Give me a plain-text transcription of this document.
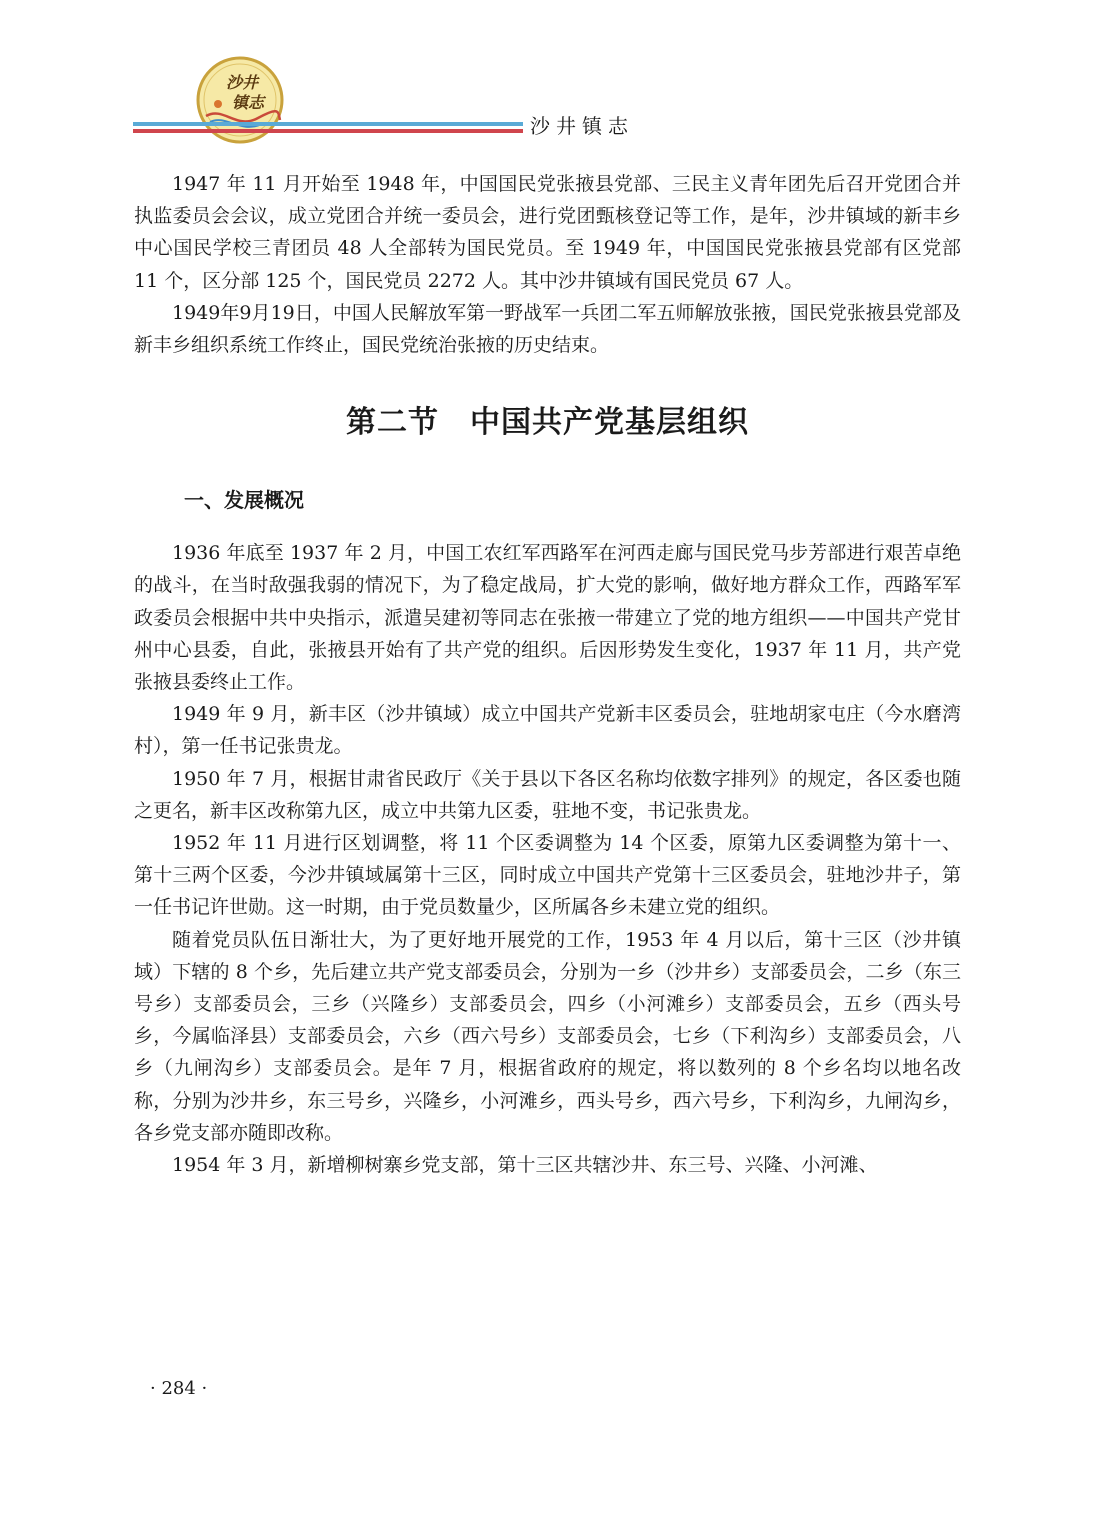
沙井
镇志
沙井镇志

1947 年 11 月开始至 1948 年，中国国民党张掖县党部、三民主义青年团先后召开党团合并执监委员会会议，成立党团合并统一委员会，进行党团甄核登记等工作，是年，沙井镇域的新丰乡中心国民学校三青团员 48 人全部转为国民党员。至 1949 年，中国国民党张掖县党部有区党部 11 个，区分部 125 个，国民党员 2272 人。其中沙井镇域有国民党员 67 人。

1949年9月19日，中国人民解放军第一野战军一兵团二军五师解放张掖，国民党张掖县党部及新丰乡组织系统工作终止，国民党统治张掖的历史结束。

第二节　中国共产党基层组织
一、发展概况

1936 年底至 1937 年 2 月，中国工农红军西路军在河西走廊与国民党马步芳部进行艰苦卓绝的战斗，在当时敌强我弱的情况下，为了稳定战局，扩大党的影响，做好地方群众工作，西路军军政委员会根据中共中央指示，派遣吴建初等同志在张掖一带建立了党的地方组织——中国共产党甘州中心县委，自此，张掖县开始有了共产党的组织。后因形势发生变化，1937 年 11 月，共产党张掖县委终止工作。

1949 年 9 月，新丰区（沙井镇域）成立中国共产党新丰区委员会，驻地胡家屯庄（今水磨湾村），第一任书记张贵龙。

1950 年 7 月，根据甘肃省民政厅《关于县以下各区名称均依数字排列》的规定，各区委也随之更名，新丰区改称第九区，成立中共第九区委，驻地不变，书记张贵龙。

1952 年 11 月进行区划调整，将 11 个区委调整为 14 个区委，原第九区委调整为第十一、第十三两个区委，今沙井镇域属第十三区，同时成立中国共产党第十三区委员会，驻地沙井子，第一任书记许世勋。这一时期，由于党员数量少，区所属各乡未建立党的组织。

随着党员队伍日渐壮大，为了更好地开展党的工作，1953 年 4 月以后，第十三区（沙井镇域）下辖的 8 个乡，先后建立共产党支部委员会，分别为一乡（沙井乡）支部委员会，二乡（东三号乡）支部委员会，三乡（兴隆乡）支部委员会，四乡（小河滩乡）支部委员会，五乡（西头号乡，今属临泽县）支部委员会，六乡（西六号乡）支部委员会，七乡（下利沟乡）支部委员会，八乡（九闸沟乡）支部委员会。是年 7 月，根据省政府的规定，将以数列的 8 个乡名均以地名改称，分别为沙井乡，东三号乡，兴隆乡，小河滩乡，西头号乡，西六号乡，下利沟乡，九闸沟乡，各乡党支部亦随即改称。

1954 年 3 月，新增柳树寨乡党支部，第十三区共辖沙井、东三号、兴隆、小河滩、

· 284 ·
